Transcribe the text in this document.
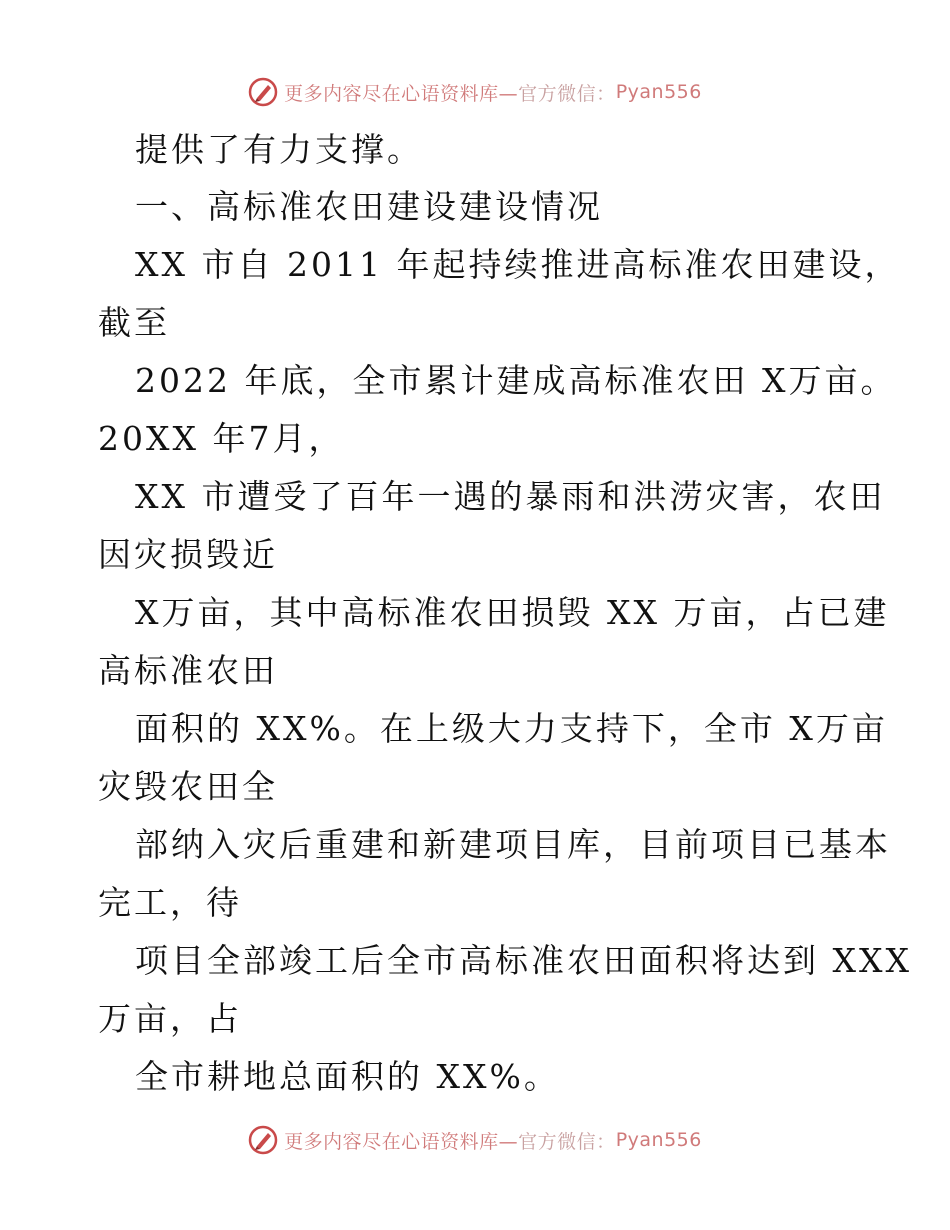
更多内容尽在心语资料库— 官方微信： Pyan556
提供了有力支撑。
一、高标准农田建设建设情况
XX 市自 2011 年起持续推进高标准农田建设，
截至
2022 年底，全市累计建成高标准农田 X万亩。
20XX 年7月，
XX 市遭受了百年一遇的暴雨和洪涝灾害，农田
因灾损毁近
X万亩，其中高标准农田损毁 XX 万亩，占已建
高标准农田
面积的 XX%。在上级大力支持下，全市 X万亩
灾毁农田全
部纳入灾后重建和新建项目库，目前项目已基本
完工，待
项目全部竣工后全市高标准农田面积将达到 XXX
万亩，占
全市耕地总面积的 XX%。
更多内容尽在心语资料库— 官方微信： Pyan556
